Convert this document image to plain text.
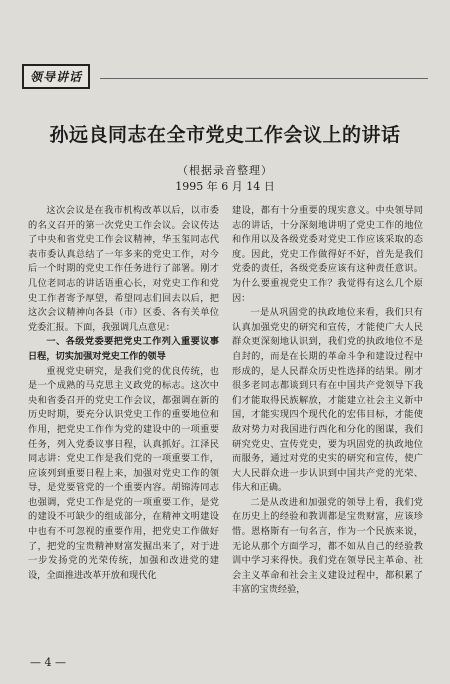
领导讲话
孙远良同志在全市党史工作会议上的讲话
（根据录音整理）
1995 年 6 月 14 日

这次会议是在我市机构改革以后，以市委的名义召开的第一次党史工作会议。会议传达了中央和省党史工作会议精神，华玉玺同志代表市委认真总结了一年多来的党史工作，对今后一个时期的党史工作任务进行了部署。刚才几位老同志的讲话语重心长，对党史工作和党史工作者寄予厚望，希望同志们回去以后，把这次会议精神向各县（市）区委、各有关单位党委汇报。下面，我强调几点意见：

一、各级党委要把党史工作列入重要议事日程，切实加强对党史工作的领导

重视党史研究，是我们党的优良传统，也是一个成熟的马克思主义政党的标志。这次中央和省委召开的党史工作会议，都强调在新的历史时期，要充分认识党史工作的重要地位和作用，把党史工作作为党的建设中的一项重要任务，列入党委议事日程，认真抓好。江泽民同志讲：党史工作是我们党的一项重要工作，应该列到重要日程上来，加强对党史工作的领导，是党要管党的一个重要内容。胡锦涛同志也强调，党史工作是党的一项重要工作，是党的建设不可缺少的组成部分，在精神文明建设中也有不可忽视的重要作用，把党史工作做好了，把党的宝贵精神财富发掘出来了，对于进一步发扬党的光荣传统，加强和改进党的建设，全面推进改革开放和现代化

建设，都有十分重要的现实意义。中央领导同志的讲话，十分深刻地讲明了党史工作的地位和作用以及各级党委对党史工作应该采取的态度。因此，党史工作做得好不好，首先是我们党委的责任，各级党委应该有这种责任意识。为什么要重视党史工作？我觉得有这么几个原因：

一是从巩固党的执政地位来看，我们只有认真加强党史的研究和宣传，才能使广大人民群众更深刻地认识到，我们党的执政地位不是自封的，而是在长期的革命斗争和建设过程中形成的，是人民群众历史性选择的结果。刚才很多老同志都谈到只有在中国共产党领导下我们才能取得民族解放，才能建立社会主义新中国，才能实现四个现代化的宏伟目标，才能使敌对势力对我国进行西化和分化的图谋，我们研究党史、宣传党史，要为巩固党的执政地位而服务，通过对党的史实的研究和宣传，使广大人民群众进一步认识到中国共产党的光荣、伟大和正确。

二是从改进和加强党的领导上看，我们党在历史上的经验和教训都是宝贵财富，应该珍惜。恩格斯有一句名言，作为一个民族来说，无论从那个方面学习，都不如从自己的经验教训中学习来得快。我们党在领导民主革命、社会主义革命和社会主义建设过程中，都积累了丰富的宝贵经验，

— 4 —
